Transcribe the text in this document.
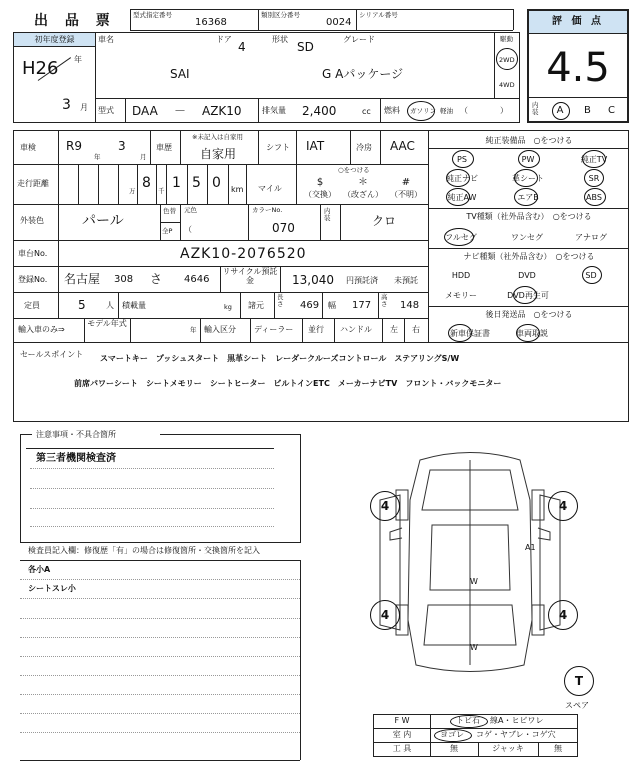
出 品 票	型式指定番号
16368
類別区分番号
0024
シリアル番号
評 価 点
4.5
内装	A	B C
初年度登録
H26 年
3 月
車名
SAI
ドア
4
形状
SD
グレード
G Aパッケージ
駆動
2WD
4WD
型式 DAA － AZK10	排気量 2,400	cc 燃料 ガソリン 軽油 （　　　　）
車検	R9
年
3
月
車歴
※未記入は自家用
自家用	シフト IAT	冷房 AAC
走行距離
万 8 千 1 5 0 km マイル
○をつける
$
（交換）
＊
（改ざん）
#
（不明）
外装色	パール
色替 元色
全P （
カラーNo.
070
内装	クロ
車台No.	AZK10-2076520
登録No. 名古屋 308 さ 4646
リサイクル預託金	13,040 円預託済 未預託
定員	5	人 積載量	kg 諸元
長さ 469 幅 177
高さ 148
輸入車のみ⇒
モデル年式
年 輸入区分 ディーラー 並行 ハンドル 左 右
純正装備品　 ○をつける
PS	PW	純正TV
純正ナビ	革シート	SR
純正AW	エアB	ABS
TV種類（社外品含む）　 ○をつける
フルセグ	ワンセグ	アナログ
ナビ種類（社外品含む）　 ○をつける
HDD	DVD	SD
メモリー	DVD再生可
後日発送品　 ○をつける
新車保証書	車両取説
セールスポイント スマートキー　プッシュスタート　黒革シート　レーダークルーズコントロール　ステアリングS/W
前席パワーシート　シートメモリー　シートヒーター　ビルトインETC　メーカーナビTV　フロント・バックモニター
注意事項・不具合箇所
第三者機関検査済
検査員記入欄：修復歴「有」の場合は修復箇所・交換箇所を記入
各小A
シートスレ小
4	4
4	4
A1
W
W
T
スペア
F W	トビ石 線A・ヒビワレ
室 内	ヨゴレ コゲ・ヤブレ・コゲ穴
工 具	無	ジャッキ	無
